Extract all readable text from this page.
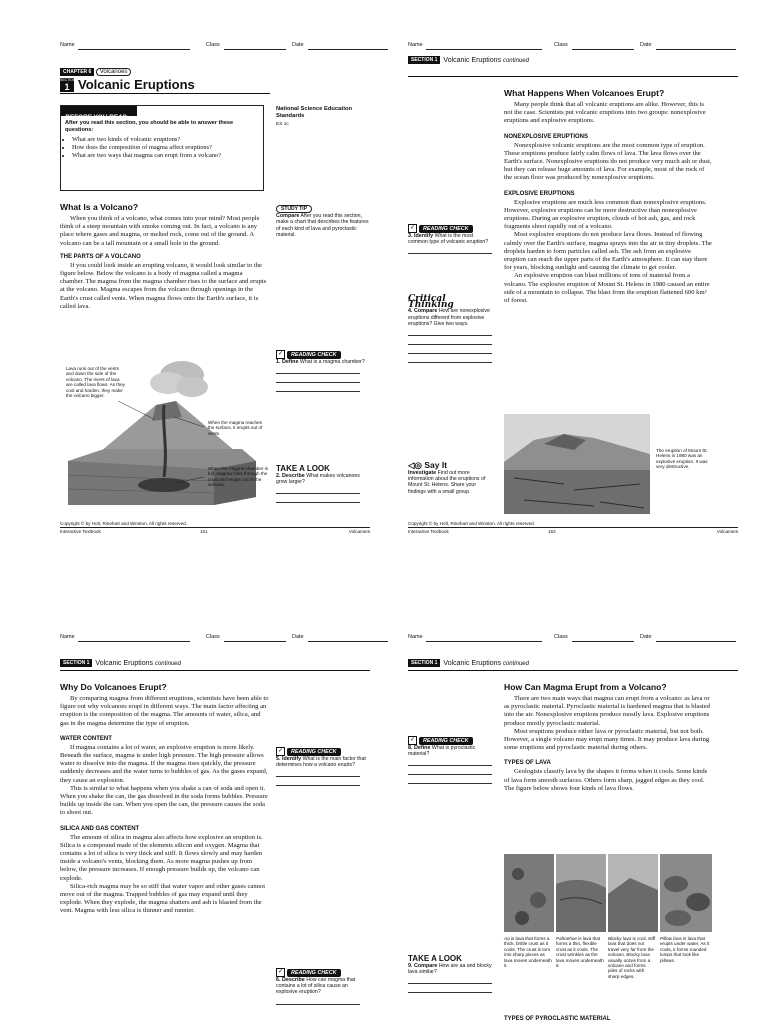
Name	Class	Date
CHAPTER 6 Volcanoes
SECTION
1 Volcanic Eruptions
BEFORE YOU READ
After you read this section, you should be able to answer these questions:
• What are two kinds of volcanic eruptions?
• How does the composition of magma affect eruptions?
• What are two ways that magma can erupt from a volcano?
National Science Education Standards
ES 1c
What Is a Volcano?

When you think of a volcano, what comes into your mind? Most people think of a steep mountain with smoke coming out. In fact, a volcano is any place where gases and magma, or melted rock, come out of the ground. A volcano can be a tall mountain or a small hole in the ground.

THE PARTS OF A VOLCANO

If you could look inside an erupting volcano, it would look similar to the figure below. Below the volcano is a body of magma called a magma chamber. The magma from the magma chamber rises to the surface and erupts at the volcano. Magma escapes from the volcano through openings in the Earth's crust called vents. When magma flows onto the Earth's surface, it is called lava.

Lava runs out of the vents and down the side of the volcano. The rivers of lava are called lava flows. As they cool and harden, they make the volcano bigger.
When the magma reaches the surface, it erupts out of vents.
When the magma chamber is full, magma rises through the crust and erupts out of the volcano.
STUDY TIP
Compare After you read this section, make a chart that describes the features of each kind of lava and pyroclastic material.
✓ READING CHECK
1. Define What is a magma chamber?
TAKE A LOOK
2. Describe What makes volcanoes grow larger?
Copyright © by Holt, Rinehart and Winston. All rights reserved.
Interactive Textbook	151	Volcanoes
Name	Class	Date
SECTION 1 Volcanic Eruptions continued
What Happens When Volcanoes Erupt?

Many people think that all volcanic eruptions are alike. However, this is not the case. Scientists put volcanic eruptions into two groups: nonexplosive eruptions and explosive eruptions.

NONEXPLOSIVE ERUPTIONS

Nonexplosive volcanic eruptions are the most common type of eruption. These eruptions produce fairly calm flows of lava. The lava flows over the Earth's surface. Nonexplosive eruptions do not produce very much ash or dust, but they can release huge amounts of lava. For example, most of the rock of the ocean floor was produced by nonexplosive eruptions.

EXPLOSIVE ERUPTIONS

Explosive eruptions are much less common than nonexplosive eruptions. However, explosive eruptions can be more destructive than nonexplosive eruptions. During an explosive eruption, clouds of hot ash, gas, and rock fragments shoot rapidly out of a volcano.

Most explosive eruptions do not produce lava flows. Instead of flowing calmly over the Earth's surface, magma sprays into the air in tiny droplets. The droplets harden to form particles called ash. The ash from an explosive eruption can reach the upper parts of the Earth's atmosphere. It can stay there for years, blocking sunlight and causing the climate to get cooler.

An explosive eruption can blast millions of tons of material from a volcano. The explosive eruption of Mount St. Helens in 1980 caused an entire side of a mountain to collapse. The blast from the eruption flattened 600 km² of forest.

The eruption of Mount St. Helens in 1980 was an explosive eruption. It was very destructive.
✓ READING CHECK
3. Identify What is the most common type of volcanic eruption?
Critical Thinking
4. Compare How are nonexplosive eruptions different from explosive eruptions? Give two ways.
◁◎ Say It
Investigate Find out more information about the eruptions of Mount St. Helens. Share your findings with a small group.
Copyright © by Holt, Rinehart and Winston. All rights reserved.
Interactive Textbook	152	Volcanoes
Name	Class	Date
SECTION 1 Volcanic Eruptions continued
Why Do Volcanoes Erupt?

By comparing magma from different eruptions, scientists have been able to figure out why volcanoes erupt in different ways. The main factor affecting an eruption is the composition of the magma. The amounts of water, silica, and gas in the magma determine the type of eruption.

WATER CONTENT

If magma contains a lot of water, an explosive eruption is more likely. Beneath the surface, magma is under high pressure. The high pressure allows water to dissolve into the magma. If the magma rises quickly, the pressure suddenly decreases and the water turns to bubbles of gas. As the gases expand, they cause an explosion.

This is similar to what happens when you shake a can of soda and open it. When you shake the can, the gas dissolved in the soda forms bubbles. Pressure builds up inside the can. When you open the can, the pressure causes the soda to shoot out.

SILICA AND GAS CONTENT

The amount of silica in magma also affects how explosive an eruption is. Silica is a compound made of the elements silicon and oxygen. Magma that contains a lot of silica is very thick and stiff. It flows slowly and may harden inside a volcano's vents, blocking them. As more magma pushes up from below, the pressure increases. If enough pressure builds up, the volcano can explode.

Silica-rich magma may be so stiff that water vapor and other gases cannot move out of the magma. Trapped bubbles of gas may expand until they explode. When they explode, the magma shatters and ash is blasted from the vent. Magma with less silica is thinner and runnier.

✓ READING CHECK
5. Identify What is the main factor that determines how a volcano erupts?
✓ READING CHECK
6. Describe How can magma that contains a lot of silica cause an explosive eruption?
Name	Class	Date
SECTION 1 Volcanic Eruptions continued
How Can Magma Erupt from a Volcano?

There are two main ways that magma can erupt from a volcano: as lava or as pyroclastic material. Pyroclastic material is hardened magma that is blasted into the air. Nonexplosive eruptions produce mostly lava. Explosive eruptions produce mostly pyroclastic material.

Most eruptions produce either lava or pyroclastic material, but not both. However, a single volcano may erupt many times. It may produce lava during some eruptions and pyroclastic material during others.

TYPES OF LAVA

Geologists classify lava by the shapes it forms when it cools. Some kinds of lava form smooth surfaces. Others form sharp, jagged edges as they cool. The figure below shows four kinds of lava flows.

Aa is lava that forms a thick, brittle crust as it cools. The crust is torn into sharp pieces as lava moves underneath it.
Pahoehoe is lava that forms a thin, flexible crust as it cools. The crust wrinkles as the lava moves underneath it.
Blocky lava is cool, stiff lava that does not travel very far from the volcano. Blocky lava usually oozes from a volcano and forms piles of rocks with sharp edges.
Pillow lava is lava that erupts under water. As it cools, it forms rounded lumps that look like pillows.
TYPES OF PYROCLASTIC MATERIAL
✓ READING CHECK
8. Define What is pyroclastic material?
TAKE A LOOK
9. Compare How are aa and blocky lava similar?
